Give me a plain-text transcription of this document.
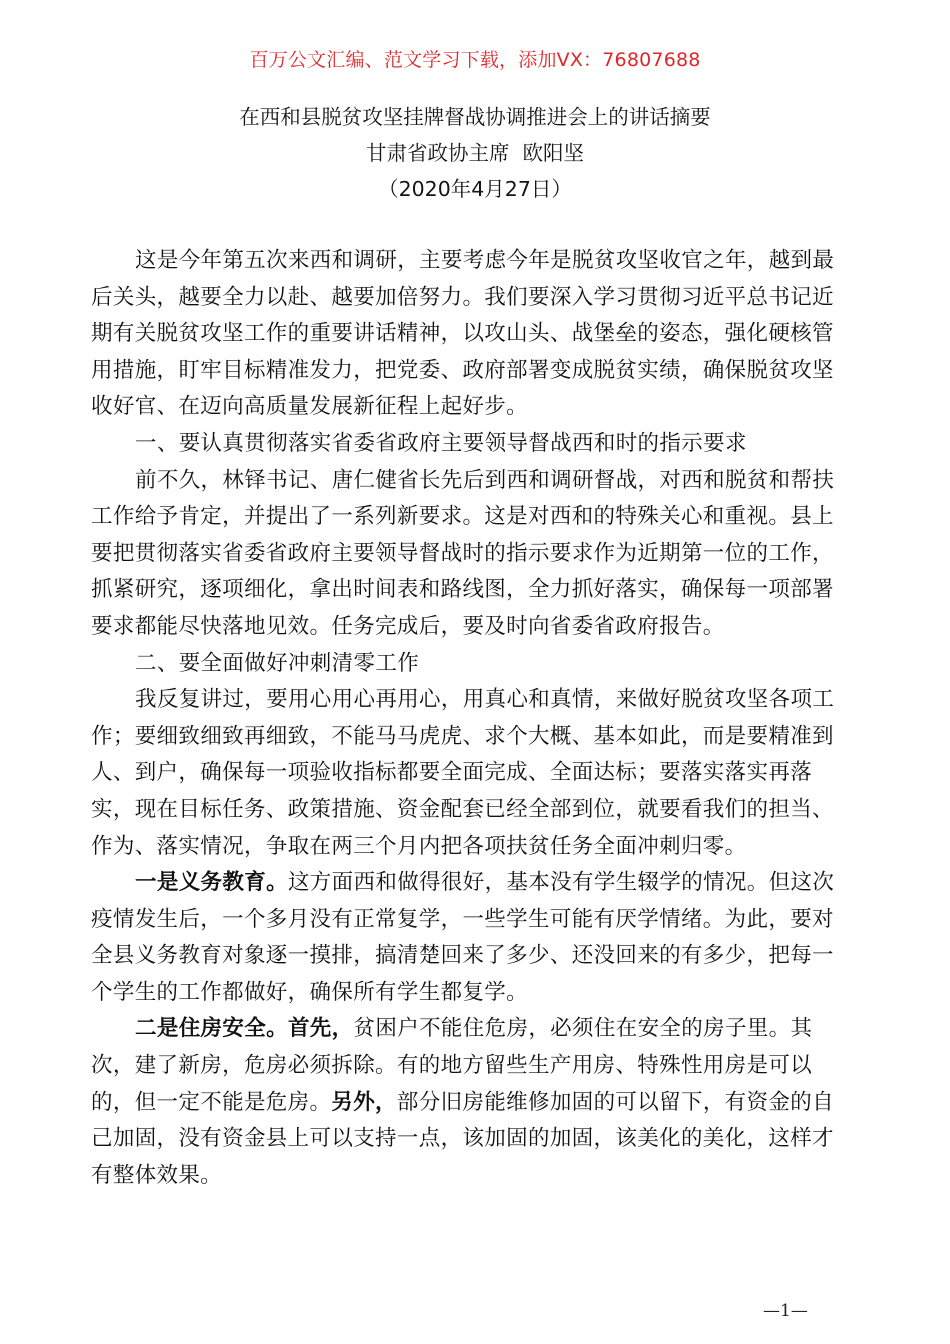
百万公文汇编、范文学习下载，添加VX：76807688
在西和县脱贫攻坚挂牌督战协调推进会上的讲话摘要
甘肃省政协主席  欧阳坚
（2020年4月27日）
这是今年第五次来西和调研，主要考虑今年是脱贫攻坚收官之年，越到最
后关头，越要全力以赴、越要加倍努力。我们要深入学习贯彻习近平总书记近
期有关脱贫攻坚工作的重要讲话精神，以攻山头、战堡垒的姿态，强化硬核管
用措施，盯牢目标精准发力，把党委、政府部署变成脱贫实绩，确保脱贫攻坚
收好官、在迈向高质量发展新征程上起好步。
一、要认真贯彻落实省委省政府主要领导督战西和时的指示要求
前不久，林铎书记、唐仁健省长先后到西和调研督战，对西和脱贫和帮扶
工作给予肯定，并提出了一系列新要求。这是对西和的特殊关心和重视。县上
要把贯彻落实省委省政府主要领导督战时的指示要求作为近期第一位的工作，
抓紧研究，逐项细化，拿出时间表和路线图，全力抓好落实，确保每一项部署
要求都能尽快落地见效。任务完成后，要及时向省委省政府报告。
二、要全面做好冲刺清零工作
我反复讲过，要用心用心再用心，用真心和真情，来做好脱贫攻坚各项工
作；要细致细致再细致，不能马马虎虎、求个大概、基本如此，而是要精准到
人、到户，确保每一项验收指标都要全面完成、全面达标；要落实落实再落
实，现在目标任务、政策措施、资金配套已经全部到位，就要看我们的担当、
作为、落实情况，争取在两三个月内把各项扶贫任务全面冲刺归零。
一是义务教育。这方面西和做得很好，基本没有学生辍学的情况。但这次
疫情发生后，一个多月没有正常复学，一些学生可能有厌学情绪。为此，要对
全县义务教育对象逐一摸排，搞清楚回来了多少、还没回来的有多少，把每一
个学生的工作都做好，确保所有学生都复学。
二是住房安全。首先，贫困户不能住危房，必须住在安全的房子里。其
次，建了新房，危房必须拆除。有的地方留些生产用房、特殊性用房是可以
的，但一定不能是危房。另外，部分旧房能维修加固的可以留下，有资金的自
己加固，没有资金县上可以支持一点，该加固的加固，该美化的美化，这样才
有整体效果。
—1—
